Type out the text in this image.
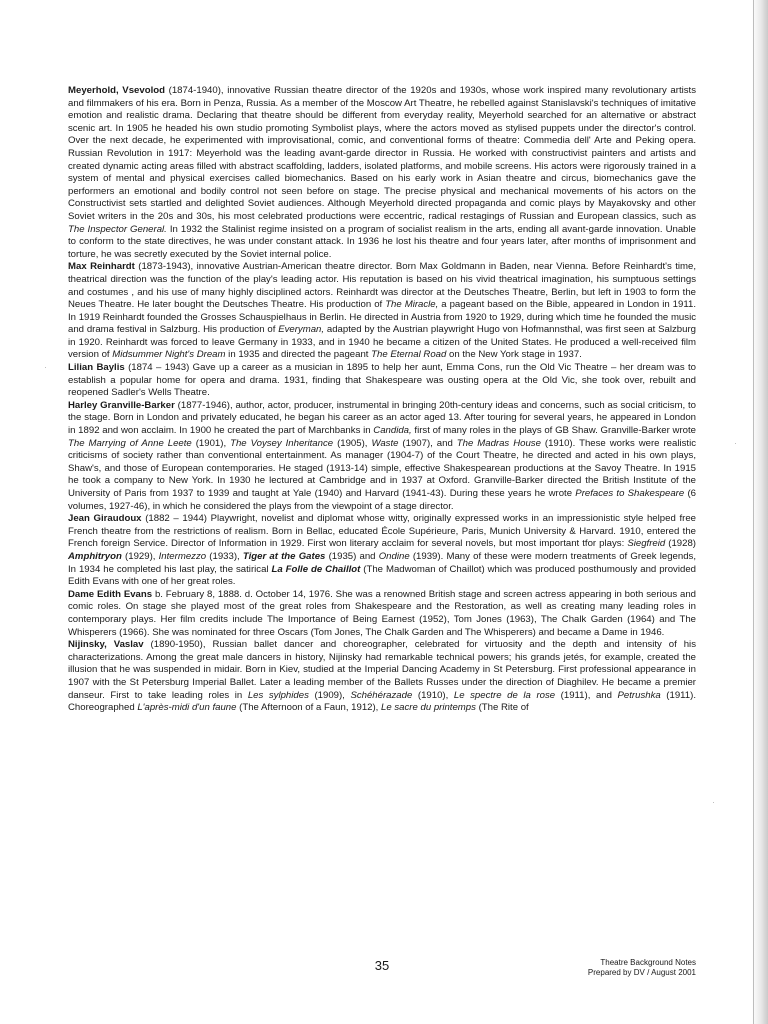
Meyerhold, Vsevolod (1874-1940), innovative Russian theatre director of the 1920s and 1930s, whose work inspired many revolutionary artists and filmmakers of his era. Born in Penza, Russia. As a member of the Moscow Art Theatre, he rebelled against Stanislavski's techniques of imitative emotion and realistic drama. Declaring that theatre should be different from everyday reality, Meyerhold searched for an alternative or abstract scenic art. In 1905 he headed his own studio promoting Symbolist plays, where the actors moved as stylised puppets under the director's control. Over the next decade, he experimented with improvisational, comic, and conventional forms of theatre: Commedia dell' Arte and Peking opera. Russian Revolution in 1917: Meyerhold was the leading avant-garde director in Russia. He worked with constructivist painters and artists and created dynamic acting areas filled with abstract scaffolding, ladders, isolated platforms, and mobile screens. His actors were rigorously trained in a system of mental and physical exercises called biomechanics. Based on his early work in Asian theatre and circus, biomechanics gave the performers an emotional and bodily control not seen before on stage. The precise physical and mechanical movements of his actors on the Constructivist sets startled and delighted Soviet audiences. Although Meyerhold directed propaganda and comic plays by Mayakovsky and other Soviet writers in the 20s and 30s, his most celebrated productions were eccentric, radical restagings of Russian and European classics, such as The Inspector General. In 1932 the Stalinist regime insisted on a program of socialist realism in the arts, ending all avant-garde innovation. Unable to conform to the state directives, he was under constant attack. In 1936 he lost his theatre and four years later, after months of imprisonment and torture, he was secretly executed by the Soviet internal police.

Max Reinhardt (1873-1943), innovative Austrian-American theatre director. Born Max Goldmann in Baden, near Vienna. Before Reinhardt's time, theatrical direction was the function of the play's leading actor. His reputation is based on his vivid theatrical imagination, his sumptuous settings and costumes , and his use of many highly disciplined actors. Reinhardt was director at the Deutsches Theatre, Berlin, but left in 1903 to form the Neues Theatre. He later bought the Deutsches Theatre. His production of The Miracle, a pageant based on the Bible, appeared in London in 1911. In 1919 Reinhardt founded the Grosses Schauspielhaus in Berlin. He directed in Austria from 1920 to 1929, during which time he founded the music and drama festival in Salzburg. His production of Everyman, adapted by the Austrian playwright Hugo von Hofmannsthal, was first seen at Salzburg in 1920. Reinhardt was forced to leave Germany in 1933, and in 1940 he became a citizen of the United States. He produced a well-received film version of Midsummer Night's Dream in 1935 and directed the pageant The Eternal Road on the New York stage in 1937.

Lilian Baylis (1874 – 1943) Gave up a career as a musician in 1895 to help her aunt, Emma Cons, run the Old Vic Theatre – her dream was to establish a popular home for opera and drama. 1931, finding that Shakespeare was ousting opera at the Old Vic, she took over, rebuilt and reopened Sadler's Wells Theatre.

Harley Granville-Barker (1877-1946), author, actor, producer, instrumental in bringing 20th-century ideas and concerns, such as social criticism, to the stage. Born in London and privately educated, he began his career as an actor aged 13. After touring for several years, he appeared in London in 1892 and won acclaim. In 1900 he created the part of Marchbanks in Candida, first of many roles in the plays of GB Shaw. Granville-Barker wrote The Marrying of Anne Leete (1901), The Voysey Inheritance (1905), Waste (1907), and The Madras House (1910). These works were realistic criticisms of society rather than conventional entertainment. As manager (1904-7) of the Court Theatre, he directed and acted in his own plays, Shaw's, and those of European contemporaries. He staged (1913-14) simple, effective Shakespearean productions at the Savoy Theatre. In 1915 he took a company to New York. In 1930 he lectured at Cambridge and in 1937 at Oxford. Granville-Barker directed the British Institute of the University of Paris from 1937 to 1939 and taught at Yale (1940) and Harvard (1941-43). During these years he wrote Prefaces to Shakespeare (6 volumes, 1927-46), in which he considered the plays from the viewpoint of a stage director.

Jean Giraudoux (1882 – 1944) Playwright, novelist and diplomat whose witty, originally expressed works in an impressionistic style helped free French theatre from the restrictions of realism. Born in Bellac, educated École Supérieure, Paris, Munich University & Harvard. 1910, entered the French foreign Service. Director of Information in 1929. First won literary acclaim for several novels, but most important tfor plays: Siegfreid (1928) Amphitryon (1929), Intermezzo (1933), Tiger at the Gates (1935) and Ondine (1939). Many of these were modern treatments of Greek legends, In 1934 he completed his last play, the satirical La Folle de Chaillot (The Madwoman of Chaillot) which was produced posthumously and provided Edith Evans with one of her great roles.

Dame Edith Evans b. February 8, 1888. d. October 14, 1976. She was a renowned British stage and screen actress appearing in both serious and comic roles. On stage she played most of the great roles from Shakespeare and the Restoration, as well as creating many leading roles in contemporary plays. Her film credits include The Importance of Being Earnest (1952), Tom Jones (1963), The Chalk Garden (1964) and The Whisperers (1966). She was nominated for three Oscars (Tom Jones, The Chalk Garden and The Whisperers) and became a Dame in 1946.

Nijinsky, Vaslav (1890-1950), Russian ballet dancer and choreographer, celebrated for virtuosity and the depth and intensity of his characterizations. Among the great male dancers in history, Nijinsky had remarkable technical powers; his grands jetés, for example, created the illusion that he was suspended in midair. Born in Kiev, studied at the Imperial Dancing Academy in St Petersburg. First professional appearance in 1907 with the St Petersburg Imperial Ballet. Later a leading member of the Ballets Russes under the direction of Diaghilev. He became a premier danseur. First to take leading roles in Les sylphides (1909), Schéhérazade (1910), Le spectre de la rose (1911), and Petrushka (1911). Choreographed L'après-midi d'un faune (The Afternoon of a Faun, 1912), Le sacre du printemps (The Rite of

·
·
·
35	Theatre Background Notes
Prepared by DV / August 2001
